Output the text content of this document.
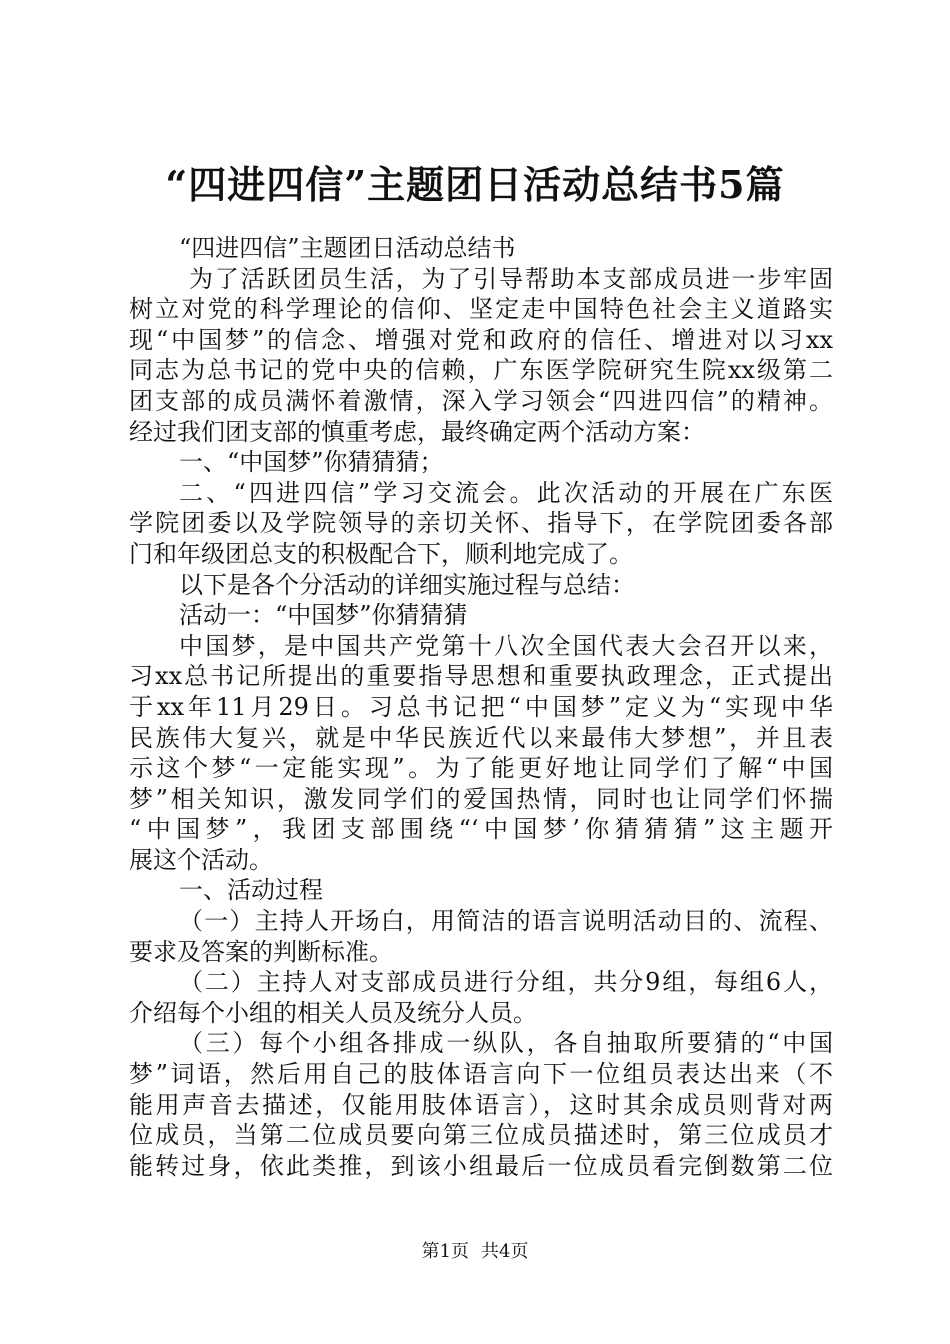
“四进四信”主题团日活动总结书5篇
“四进四信”主题团日活动总结书
为了活跃团员生活，为了引导帮助本支部成员进一步牢固
树立对党的科学理论的信仰、坚定走中国特色社会主义道路实
现“中国梦”的信念、增强对党和政府的信任、增进对以习xx
同志为总书记的党中央的信赖，广东医学院研究生院xx级第二
团支部的成员满怀着激情，深入学习领会“四进四信”的精神。
经过我们团支部的慎重考虑，最终确定两个活动方案：
一、“中国梦”你猜猜猜；
二、“四进四信”学习交流会。此次活动的开展在广东医
学院团委以及学院领导的亲切关怀、指导下，在学院团委各部
门和年级团总支的积极配合下，顺利地完成了。
以下是各个分活动的详细实施过程与总结：
活动一：“中国梦”你猜猜猜
中国梦，是中国共产党第十八次全国代表大会召开以来，
习xx总书记所提出的重要指导思想和重要执政理念，正式提出
于xx年11月29日。习总书记把“中国梦”定义为“实现中华
民族伟大复兴，就是中华民族近代以来最伟大梦想”，并且表
示这个梦“一定能实现”。为了能更好地让同学们了解“中国
梦”相关知识，激发同学们的爱国热情，同时也让同学们怀揣
“中国梦”，我团支部围绕“‘中国梦’你猜猜猜”这主题开
展这个活动。
一、活动过程
（一）主持人开场白，用简洁的语言说明活动目的、流程、
要求及答案的判断标准。
（二）主持人对支部成员进行分组，共分9组，每组6人，
介绍每个小组的相关人员及统分人员。
（三）每个小组各排成一纵队，各自抽取所要猜的“中国
梦”词语，然后用自己的肢体语言向下一位组员表达出来（不
能用声音去描述，仅能用肢体语言），这时其余成员则背对两
位成员，当第二位成员要向第三位成员描述时，第三位成员才
能转过身，依此类推，到该小组最后一位成员看完倒数第二位
第1页 共4页
